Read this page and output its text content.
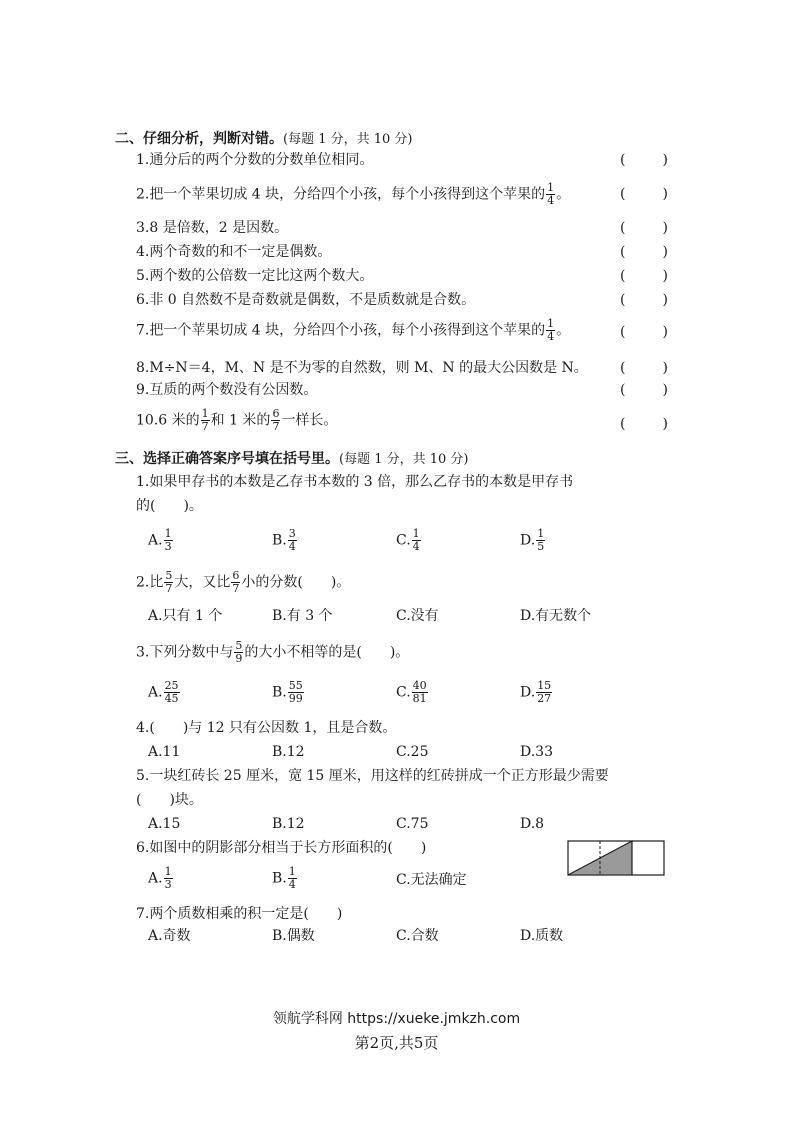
二、仔细分析，判断对错。(每题 1 分，共 10 分)
1.通分后的两个分数的分数单位相同。	(	)
2.把一个苹果切成 4 块，分给四个小孩，每个小孩得到这个苹果的 $\frac{1}{4}$ 。	(	)
3.8 是倍数，2 是因数。	(	)
4.两个奇数的和不一定是偶数。	(	)
5.两个数的公倍数一定比这两个数大。	(	)
6.非 0 自然数不是奇数就是偶数，不是质数就是合数。	(	)
7.把一个苹果切成 4 块，分给四个小孩，每个小孩得到这个苹果的 $\frac{1}{4}$ 。	(	)
8.M÷N＝4，M、N 是不为零的自然数，则 M、N 的最大公因数是 N。 (	)
9.互质的两个数没有公因数。	(	)
10.6 米的 $\frac{1}{7}$ 和 1 米的 $\frac{6}{7}$ 一样长。	(	)
三、选择正确答案序号填在括号里。(每题 1 分，共 10 分)
1.如果甲存书的本数是乙存书本数的 3 倍，那么乙存书的本数是甲存书
的(　　)。
A. $\frac{1}{3}$	B. $\frac{3}{4}$	C. $\frac{1}{4}$	D. $\frac{1}{5}$
2.比 $\frac{5}{7}$ 大，又比 $\frac{6}{7}$ 小的分数(　　)。
A.只有 1 个	B.有 3 个	C.没有	D.有无数个
3.下列分数中与 $\frac{5}{9}$ 的大小不相等的是(　　)。
A. $\frac{25}{45}$	B. $\frac{55}{99}$	C. $\frac{40}{81}$	D. $\frac{15}{27}$
4.(　　)与 12 只有公因数 1，且是合数。
A.11	B.12	C.25	D.33
5.一块红砖长 25 厘米，宽 15 厘米，用这样的红砖拼成一个正方形最少需要
(　　)块。
A.15	B.12	C.75	D.8
6.如图中的阴影部分相当于长方形面积的(　　)
A. $\frac{1}{3}$	B. $\frac{1}{4}$	C.无法确定
7.两个质数相乘的积一定是(　　)
A.奇数	B.偶数	C.合数	D.质数
领航学科网 https://xueke.jmkzh.com
第2页,共5页
